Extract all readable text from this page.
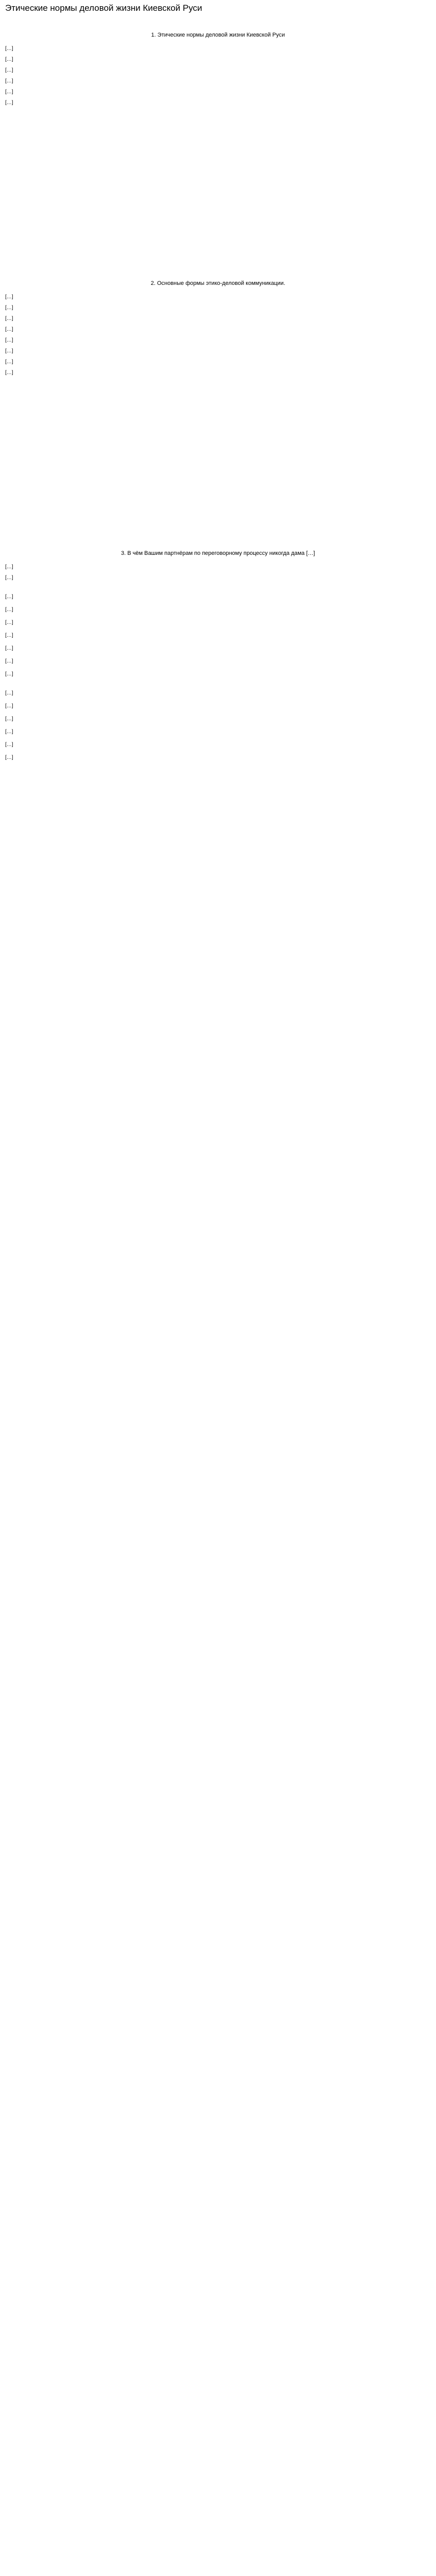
Этические нормы деловой жизни Киевской Руси
1. Этические нормы деловой жизни Киевской Руси

[…]

[…]

[…]

[…]

[…]

[…]

2. Основные формы этико-деловой коммуникации.

[…]

[…]

[…]

[…]

[…]

[…]

[…]

[…]

3. В чём Вашим партнёрам по переговорному процессу никогда дама […]

[…]

[…]

[…]
[…]
[…]
[…]
[…]
[…]
[…]
[…]
[…]
[…]
[…]
[…]
[…]
